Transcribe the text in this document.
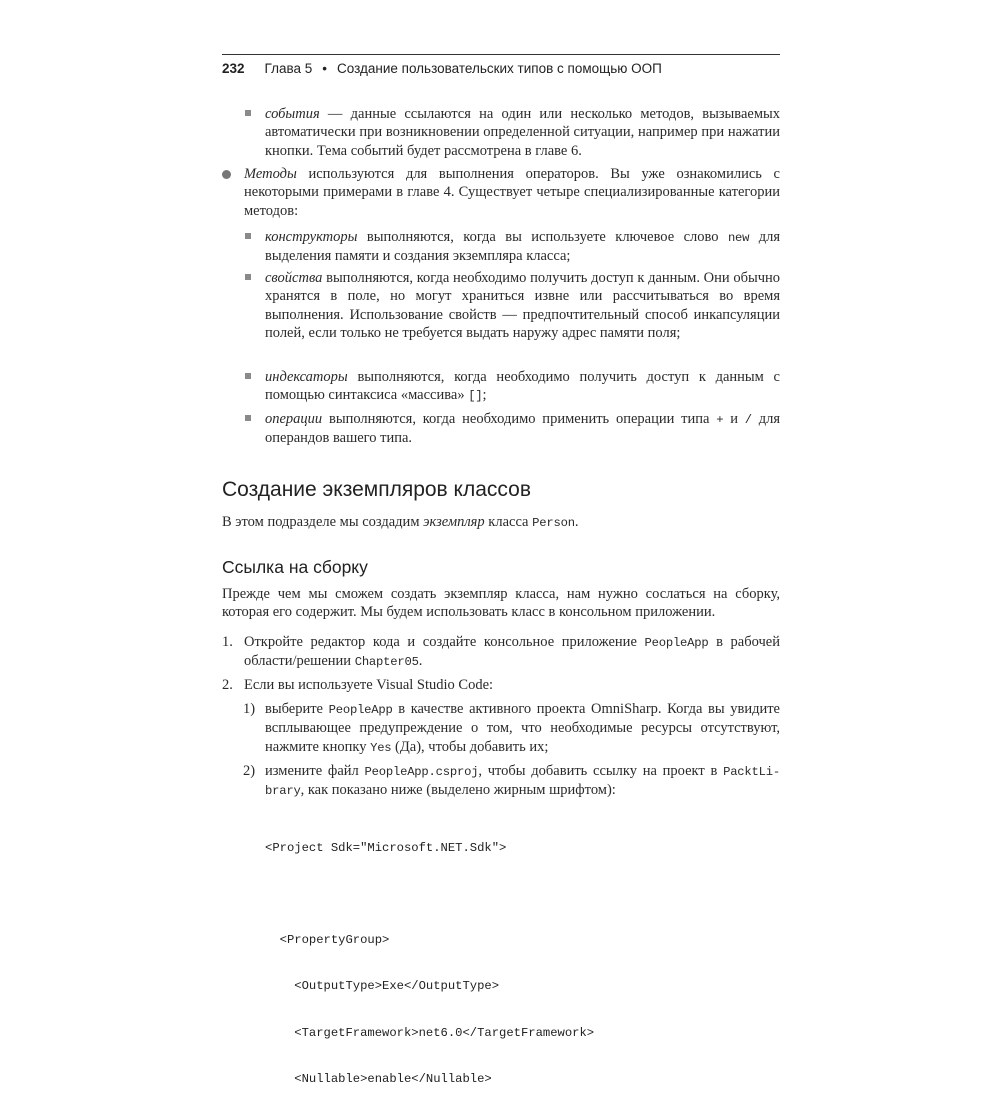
232 Глава 5 • Создание пользовательских типов с помощью ООП
события — данные ссылаются на один или несколько методов, вызываемых автоматически при возникновении определенной ситуации, например при нажатии кнопки. Тема событий будет рассмотрена в главе 6.
Методы используются для выполнения операторов. Вы уже ознакомились с некоторыми примерами в главе 4. Существует четыре специализированные категории методов:
конструкторы выполняются, когда вы используете ключевое слово new для выделения памяти и создания экземпляра класса;
свойства выполняются, когда необходимо получить доступ к данным. Они обычно хранятся в поле, но могут храниться извне или рассчитываться во время выполнения. Использование свойств — предпочтительный способ инкапсуляции полей, если только не требуется выдать наружу адрес памяти поля;
индексаторы выполняются, когда необходимо получить доступ к данным с помощью синтаксиса «массива» [];
операции выполняются, когда необходимо применить операции типа + и / для операндов вашего типа.
Создание экземпляров классов
В этом подразделе мы создадим экземпляр класса Person.
Ссылка на сборку
Прежде чем мы сможем создать экземпляр класса, нам нужно сослаться на сборку, которая его содержит. Мы будем использовать класс в консольном приложении.
1. Откройте редактор кода и создайте консольное приложение PeopleApp в рабочей области/решении Chapter05.
2. Если вы используете Visual Studio Code:
1) выберите PeopleApp в качестве активного проекта OmniSharp. Когда вы увидите всплывающее предупреждение о том, что необходимые ресурсы отсутствуют, нажмите кнопку Yes (Да), чтобы добавить их;
2) измените файл PeopleApp.csproj, чтобы добавить ссылку на проект в PacktLi-brary, как показано ниже (выделено жирным шрифтом):

<Project Sdk="Microsoft.NET.Sdk">

<PropertyGroup>

<OutputType>Exe</OutputType>

<TargetFramework>net6.0</TargetFramework>

<Nullable>enable</Nullable>
